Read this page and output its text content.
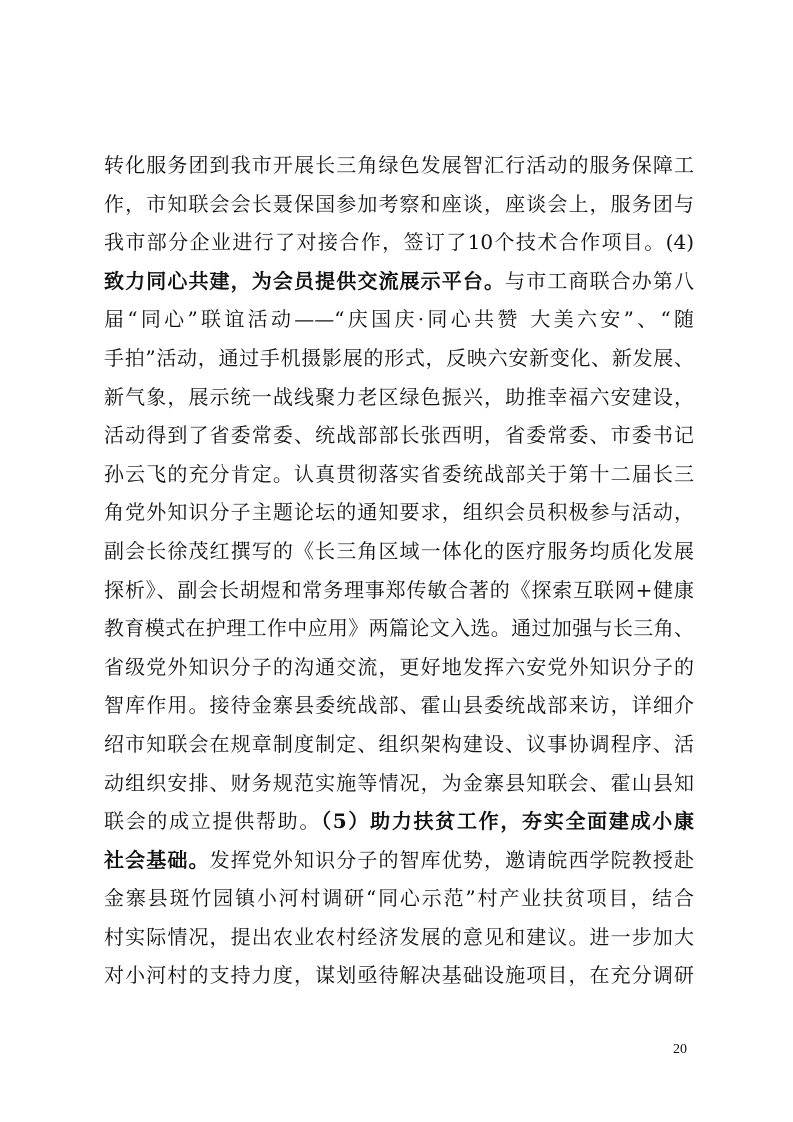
转化服务团到我市开展长三角绿色发展智汇行活动的服务保障工
作，市知联会会长聂保国参加考察和座谈，座谈会上，服务团与
我市部分企业进行了对接合作，签订了10个技术合作项目。(4)
致力同心共建，为会员提供交流展示平台。与市工商联合办第八
届“同心”联谊活动——“庆国庆·同心共赞 大美六安”、“随
手拍”活动，通过手机摄影展的形式，反映六安新变化、新发展、
新气象，展示统一战线聚力老区绿色振兴，助推幸福六安建设，
活动得到了省委常委、统战部部长张西明，省委常委、市委书记
孙云飞的充分肯定。认真贯彻落实省委统战部关于第十二届长三
角党外知识分子主题论坛的通知要求，组织会员积极参与活动，
副会长徐茂红撰写的《长三角区域一体化的医疗服务均质化发展
探析》、副会长胡煜和常务理事郑传敏合著的《探索互联网+健康
教育模式在护理工作中应用》两篇论文入选。通过加强与长三角、
省级党外知识分子的沟通交流，更好地发挥六安党外知识分子的
智库作用。接待金寨县委统战部、霍山县委统战部来访，详细介
绍市知联会在规章制度制定、组织架构建设、议事协调程序、活
动组织安排、财务规范实施等情况，为金寨县知联会、霍山县知
联会的成立提供帮助。（5）助力扶贫工作，夯实全面建成小康
社会基础。发挥党外知识分子的智库优势，邀请皖西学院教授赴
金寨县斑竹园镇小河村调研“同心示范”村产业扶贫项目，结合
村实际情况，提出农业农村经济发展的意见和建议。进一步加大
对小河村的支持力度，谋划亟待解决基础设施项目，在充分调研
20
